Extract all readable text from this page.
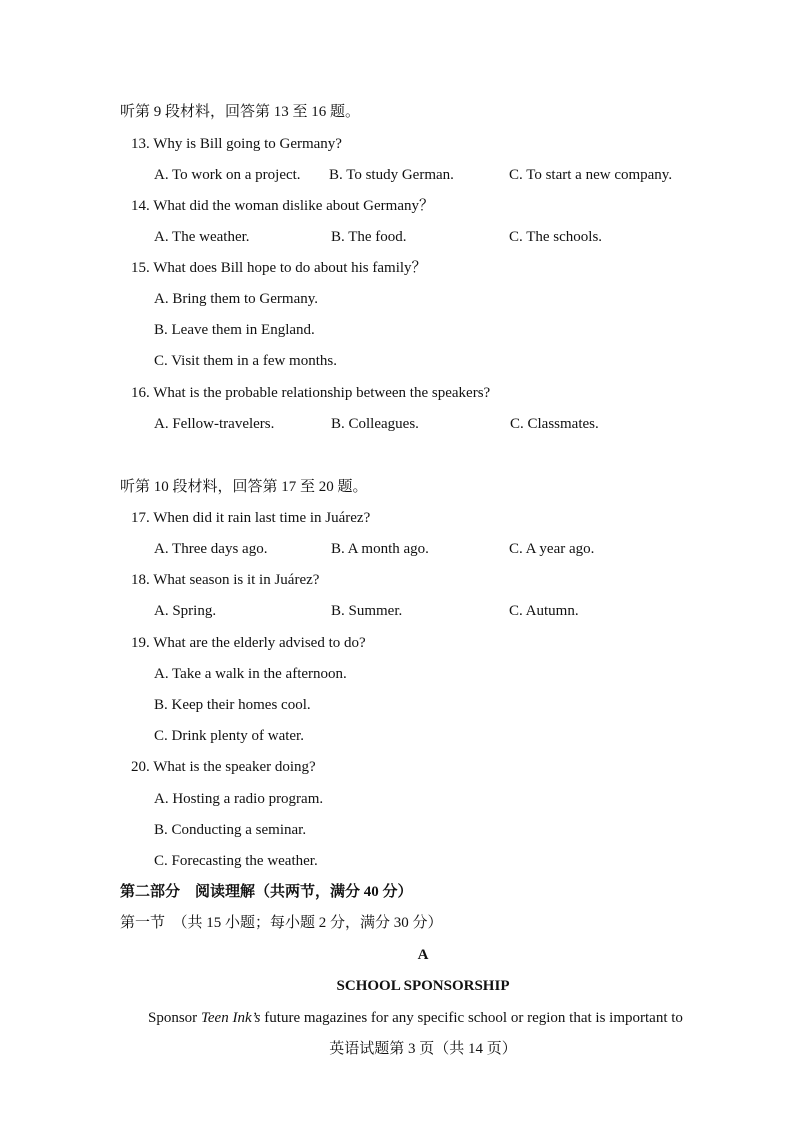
听第 9 段材料，回答第 13 至 16 题。
13. Why is Bill going to Germany?
A. To work on a project. B. To study German.	C. To start a new company.
14. What did the woman dislike about Germany？
A. The weather.	B. The food.	C. The schools.
15. What does Bill hope to do about his family？
A. Bring them to Germany.
B. Leave them in England.
C. Visit them in a few months.
16. What is the probable relationship between the speakers?
A. Fellow-travelers.	B. Colleagues.	C. Classmates.
听第 10 段材料，回答第 17 至 20 题。
17. When did it rain last time in Juárez?
A. Three days ago.	B. A month ago.	C. A year ago.
18. What season is it in Juárez?
A. Spring.	B. Summer.	C. Autumn.
19. What are the elderly advised to do?
A. Take a walk in the afternoon.
B. Keep their homes cool.
C. Drink plenty of water.
20. What is the speaker doing?
A. Hosting a radio program.
B. Conducting a seminar.
C. Forecasting the weather.
第二部分　阅读理解（共两节，满分 40 分）
第一节　（共 15 小题；每小题 2 分，满分 30 分）
A
SCHOOL SPONSORSHIP
Sponsor Teen Ink’s future magazines for any specific school or region that is important to
英语试题第 3 页（共 14 页）
